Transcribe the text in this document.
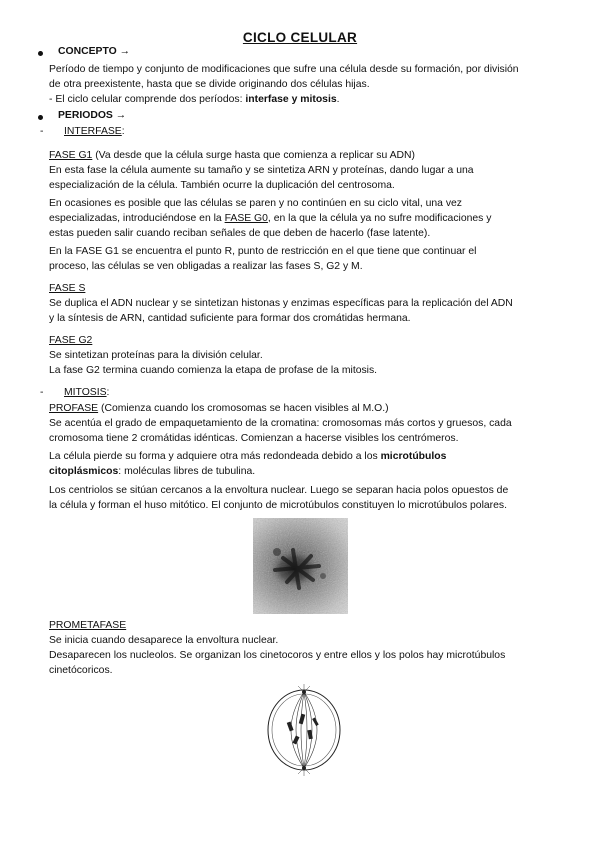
CICLO CELULAR
CONCEPTO →
Período de tiempo y conjunto de modificaciones que sufre una célula desde su formación, por división
de otra preexistente, hasta que se divide originando dos células hijas.
- El ciclo celular comprende dos períodos: interfase y mitosis.
PERIODOS →
- INTERFASE:
FASE G1 (Va desde que la célula surge hasta que comienza a replicar su ADN)
En esta fase la célula aumente su tamaño y se sintetiza ARN y proteínas, dando lugar a una
especialización de la célula. También ocurre la duplicación del centrosoma.
En ocasiones es posible que las células se paren y no continúen en su ciclo vital, una vez
especializadas, introduciéndose en la FASE G0, en la que la célula ya no sufre modificaciones y
estas pueden salir cuando reciban señales de que deben de hacerlo (fase latente).
En la FASE G1 se encuentra el punto R, punto de restricción en el que tiene que continuar el
proceso, las células se ven obligadas a realizar las fases S, G2 y M.
FASE S
Se duplica el ADN nuclear y se sintetizan histonas y enzimas específicas para la replicación del ADN
y la síntesis de ARN, cantidad suficiente para formar dos cromátidas hermana.
FASE G2
Se sintetizan proteínas para la división celular.
La fase G2 termina cuando comienza la etapa de profase de la mitosis.
- MITOSIS:
PROFASE (Comienza cuando los cromosomas se hacen visibles al M.O.)
Se acentúa el grado de empaquetamiento de la cromatina: cromosomas más cortos y gruesos, cada
cromosoma tiene 2 cromátidas idénticas. Comienzan a hacerse visibles los centrómeros.
La célula pierde su forma y adquiere otra más redondeada debido a los microtúbulos
citoplásmicos: moléculas libres de tubulina.
Los centriolos se sitúan cercanos a la envoltura nuclear. Luego se separan hacia polos opuestos de
la célula y forman el huso mitótico. El conjunto de microtúbulos constituyen lo microtúbulos polares.
PROMETAFASE
Se inicia cuando desaparece la envoltura nuclear.
Desaparecen los nucleolos. Se organizan los cinetocoros y entre ellos y los polos hay microtúbulos
cinetócoricos.
